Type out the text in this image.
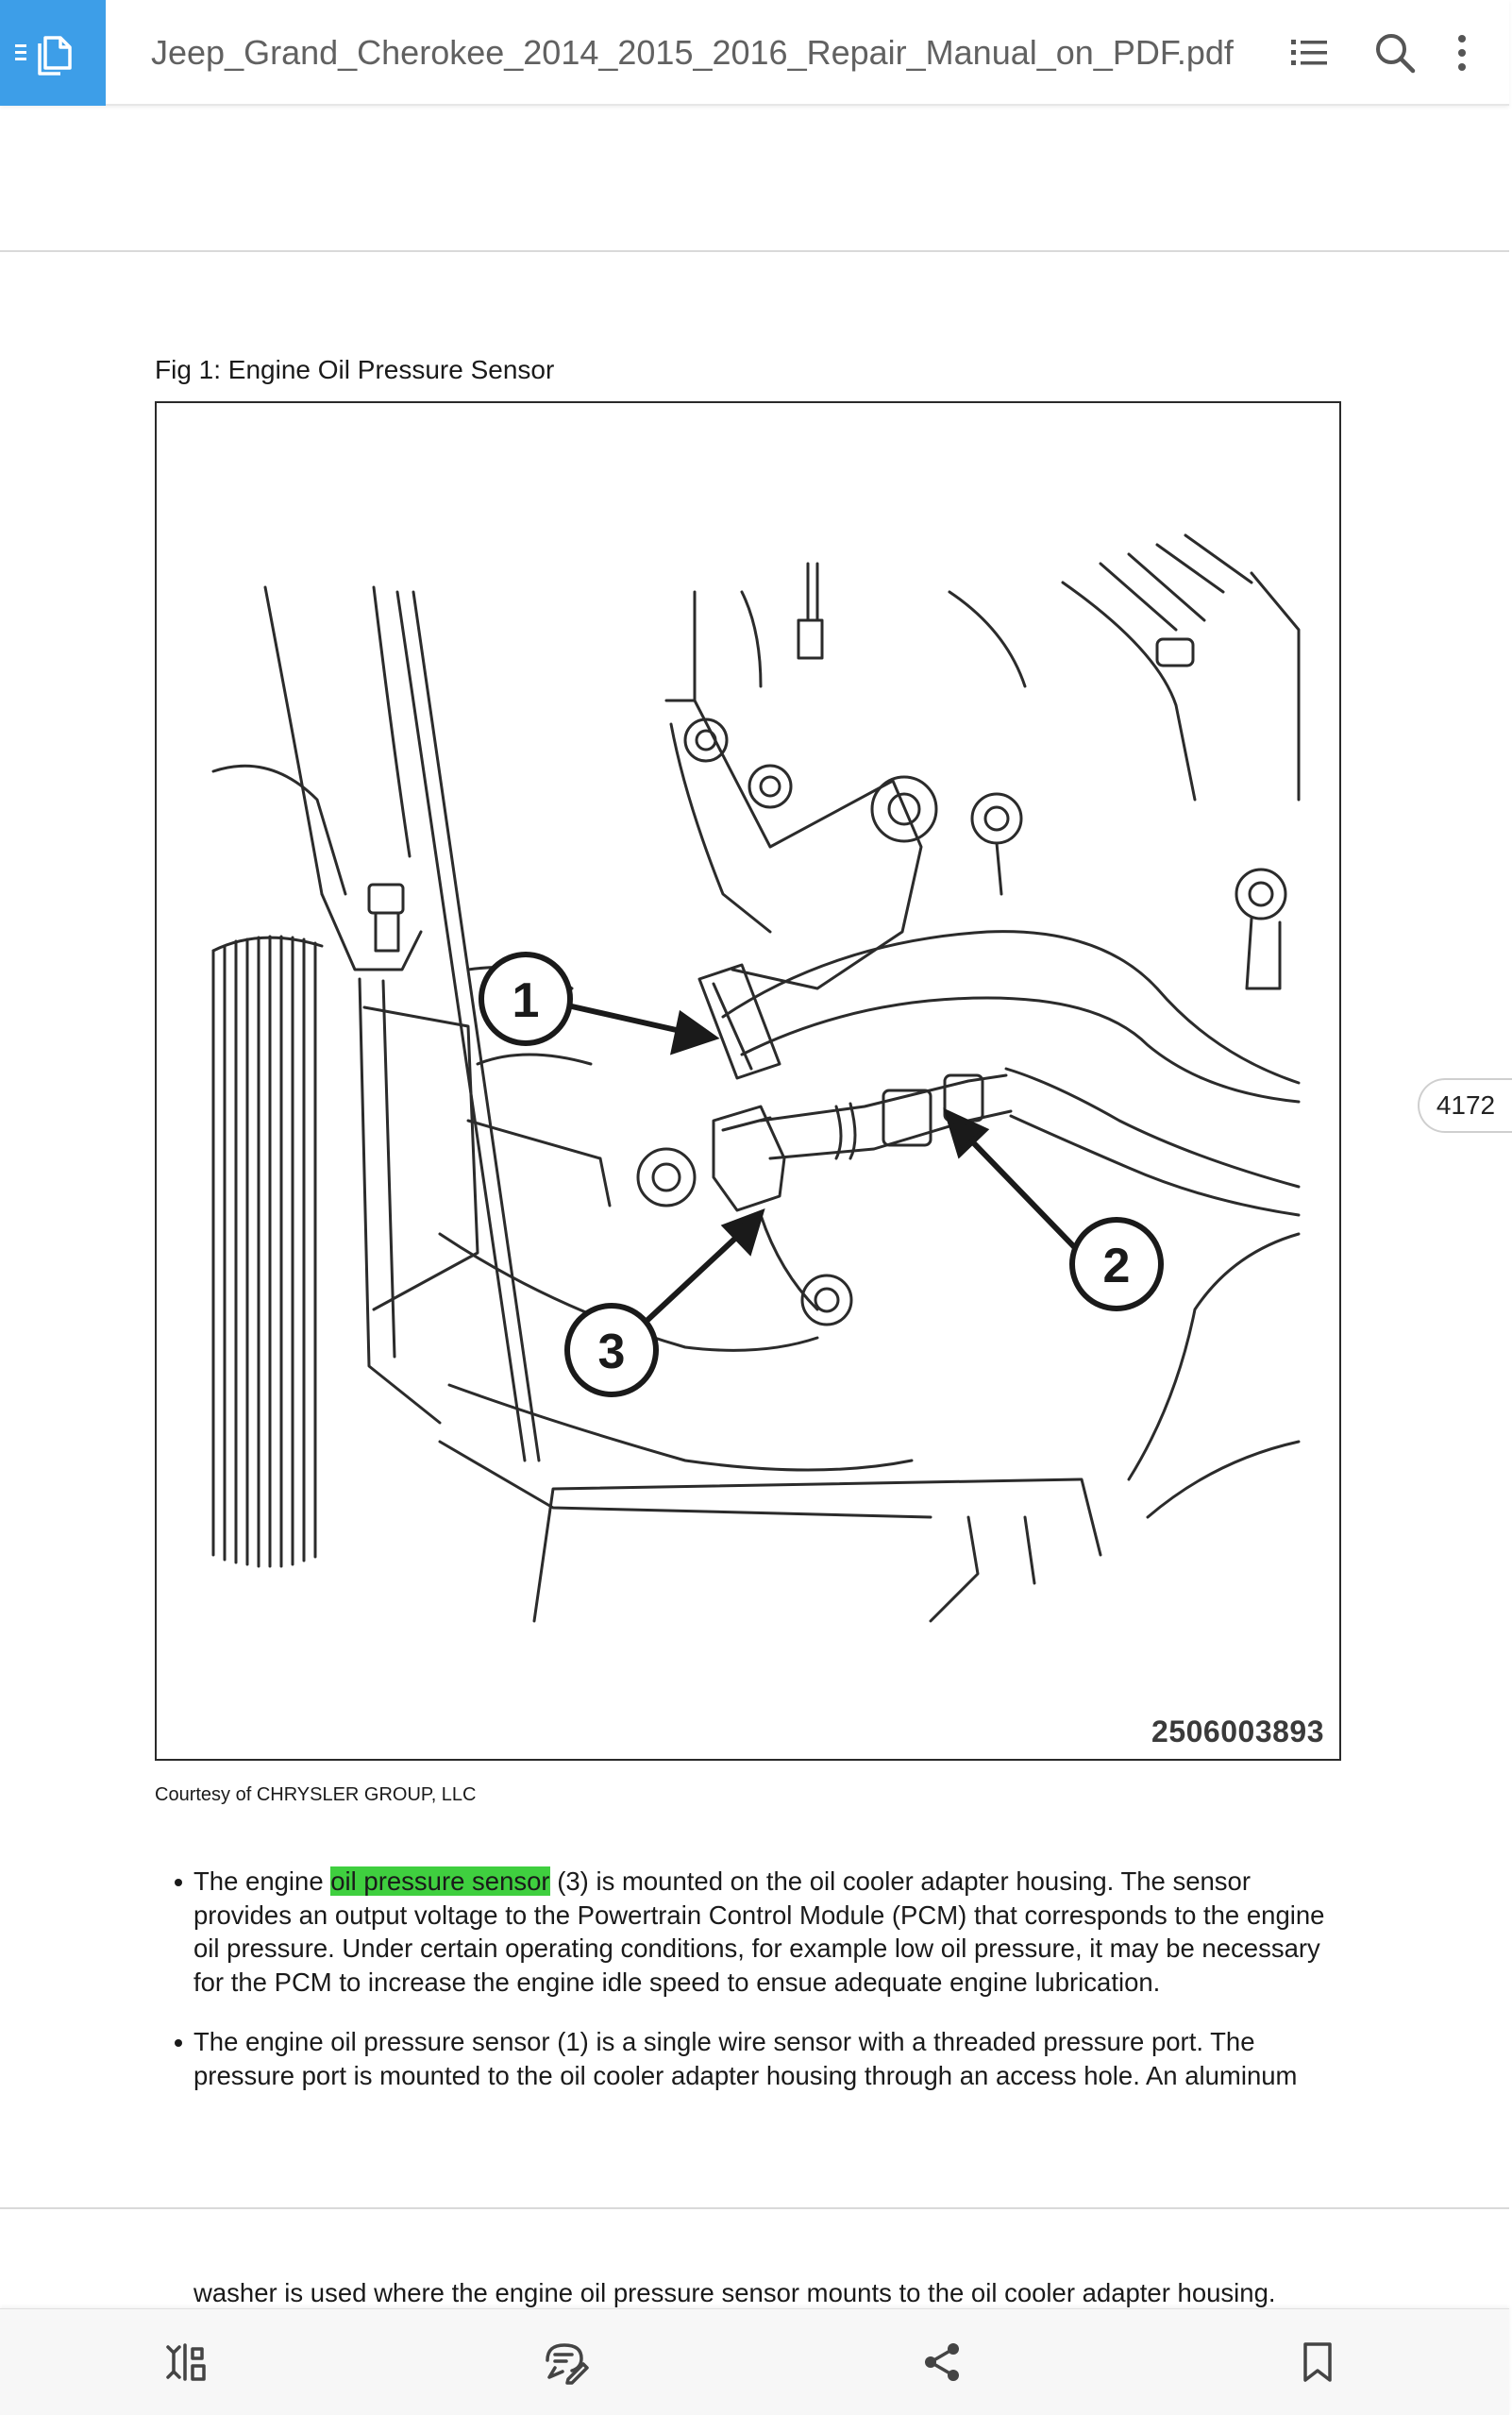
Jeep_Grand_Cherokee_2014_2015_2016_Repair_Manual_on_PDF.pdf
Fig 1: Engine Oil Pressure Sensor
1
2
3
2506003893
Courtesy of CHRYSLER GROUP, LLC
The engine oil pressure sensor (3) is mounted on the oil cooler adapter housing. The sensor provides an output voltage to the Powertrain Control Module (PCM) that corresponds to the engine oil pressure. Under certain operating conditions, for example low oil pressure, it may be necessary for the PCM to increase the engine idle speed to ensue adequate engine lubrication.
The engine oil pressure sensor (1) is a single wire sensor with a threaded pressure port. The pressure port is mounted to the oil cooler adapter housing through an access hole. An aluminum
4172
washer is used where the engine oil pressure sensor mounts to the oil cooler adapter housing.
